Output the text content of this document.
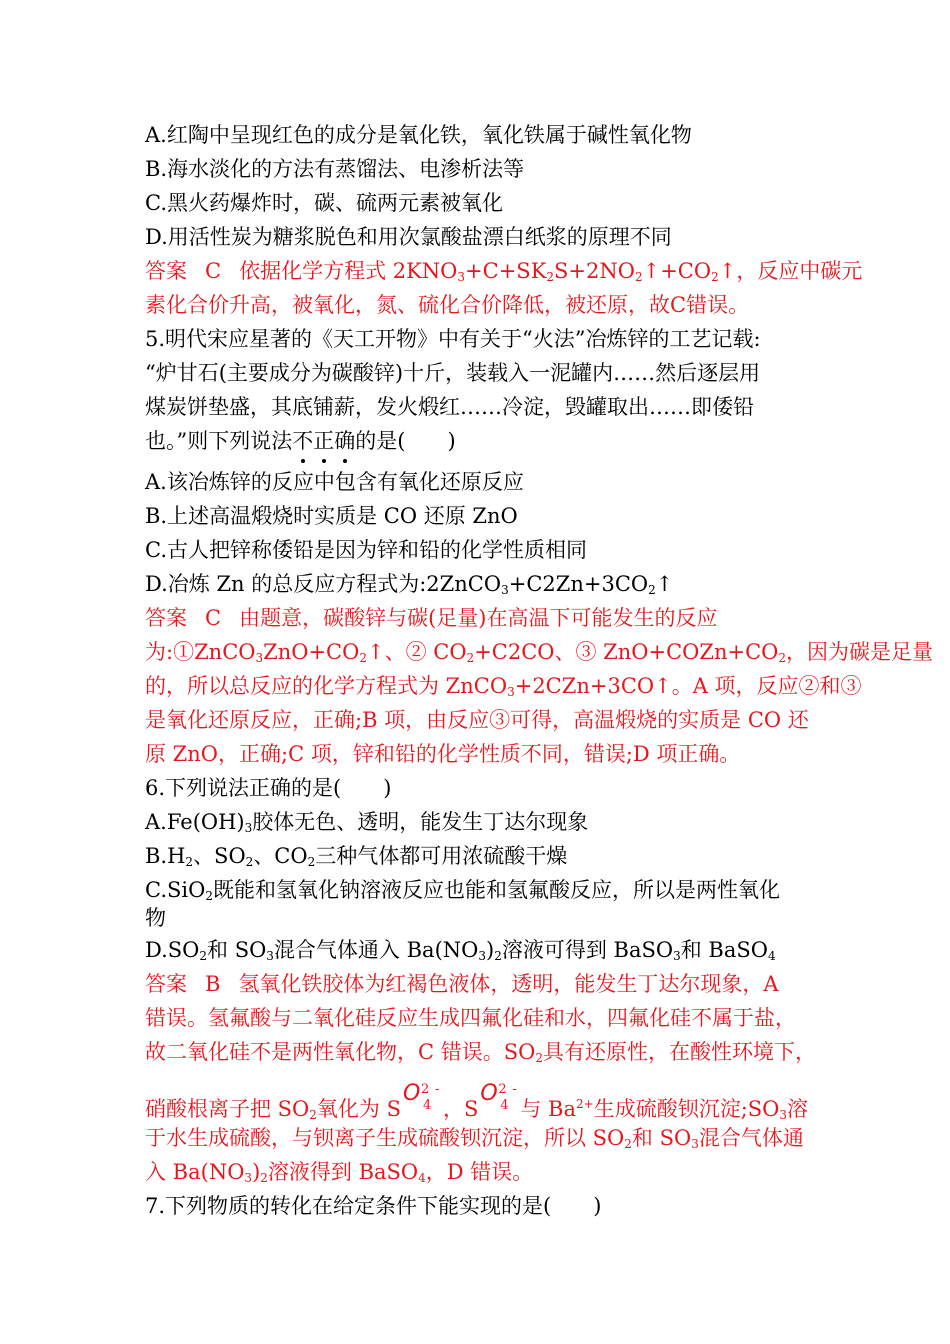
A.红陶中呈现红色的成分是氧化铁，氧化铁属于碱性氧化物
B.海水淡化的方法有蒸馏法、电渗析法等
C.黑火药爆炸时，碳、硫两元素被氧化
D.用活性炭为糖浆脱色和用次氯酸盐漂白纸浆的原理不同
答案 C 依据化学方程式 $2KNO_3+C+SK_2S+2NO_2↑+CO_2↑$，反应中碳元
素化合价升高，被氧化，氮、硫化合价降低，被还原，故C错误。
5.明代宋应星著的《天工开物》中有关于“火法”冶炼锌的工艺记载:
“炉甘石(主要成分为碳酸锌)十斤，装载入一泥罐内……然后逐层用
煤炭饼垫盛，其底铺薪，发火煅红……冷淀，毁罐取出……即倭铅
也。”则下列说法不正确的是(　　)
A.该冶炼锌的反应中包含有氧化还原反应
B.上述高温煅烧时实质是 CO 还原 ZnO
C.古人把锌称倭铅是因为锌和铅的化学性质相同
D.冶炼 Zn 的总反应方程式为$:2ZnCO_3+C2Zn+3CO_2↑$
答案 C 由题意，碳酸锌与碳(足量)在高温下可能发生的反应
为$:①ZnCO_3ZnO+CO_2↑$、② $CO_2+C2CO$、③ $ZnO+COZn+CO_2$，因为碳是足量
的，所以总反应的化学方程式为 ZnCO$_3$+2CZn+3CO↑。A 项，反应②和③
是氧化还原反应，正确;B 项，由反应③可得，高温煅烧的实质是 CO 还
原 ZnO，正确;C 项，锌和铅的化学性质不同，错误;D 项正确。
6.下列说法正确的是(　　)
$A.Fe(OH)_3$胶体无色、透明，能发生丁达尔现象
$B.H_2$、$SO_2$、$CO_2$三种气体都可用浓硫酸干燥
C.SiO$_2$既能和氢氧化钠溶液反应也能和氢氟酸反应，所以是两性氧化
物
$D.SO_2$和 $SO_3$混合气体通入 $Ba(NO_3)_2$溶液可得到 BaSO$_3$和 BaSO$_4$
答案 B 氢氧化铁胶体为红褐色液体，透明，能发生丁达尔现象，A
错误。氢氟酸与二氧化硅反应生成四氟化硅和水，四氟化硅不属于盐，
故二氧化硅不是两性氧化物，C 错误。$SO_2$具有还原性，在酸性环境下，
硝酸根离子把 $SO_2$氧化为 S
O 2 -
4 ，S
O 2 -
4 与 $Ba^{2+}$生成硫酸钡沉淀$;SO_3$溶
于水生成硫酸，与钡离子生成硫酸钡沉淀，所以 $SO_2$和 $SO_3$混合气体通
入 $Ba(NO_3)_2$溶液得到 BaSO$_4$，D 错误。
7.下列物质的转化在给定条件下能实现的是(　　)
